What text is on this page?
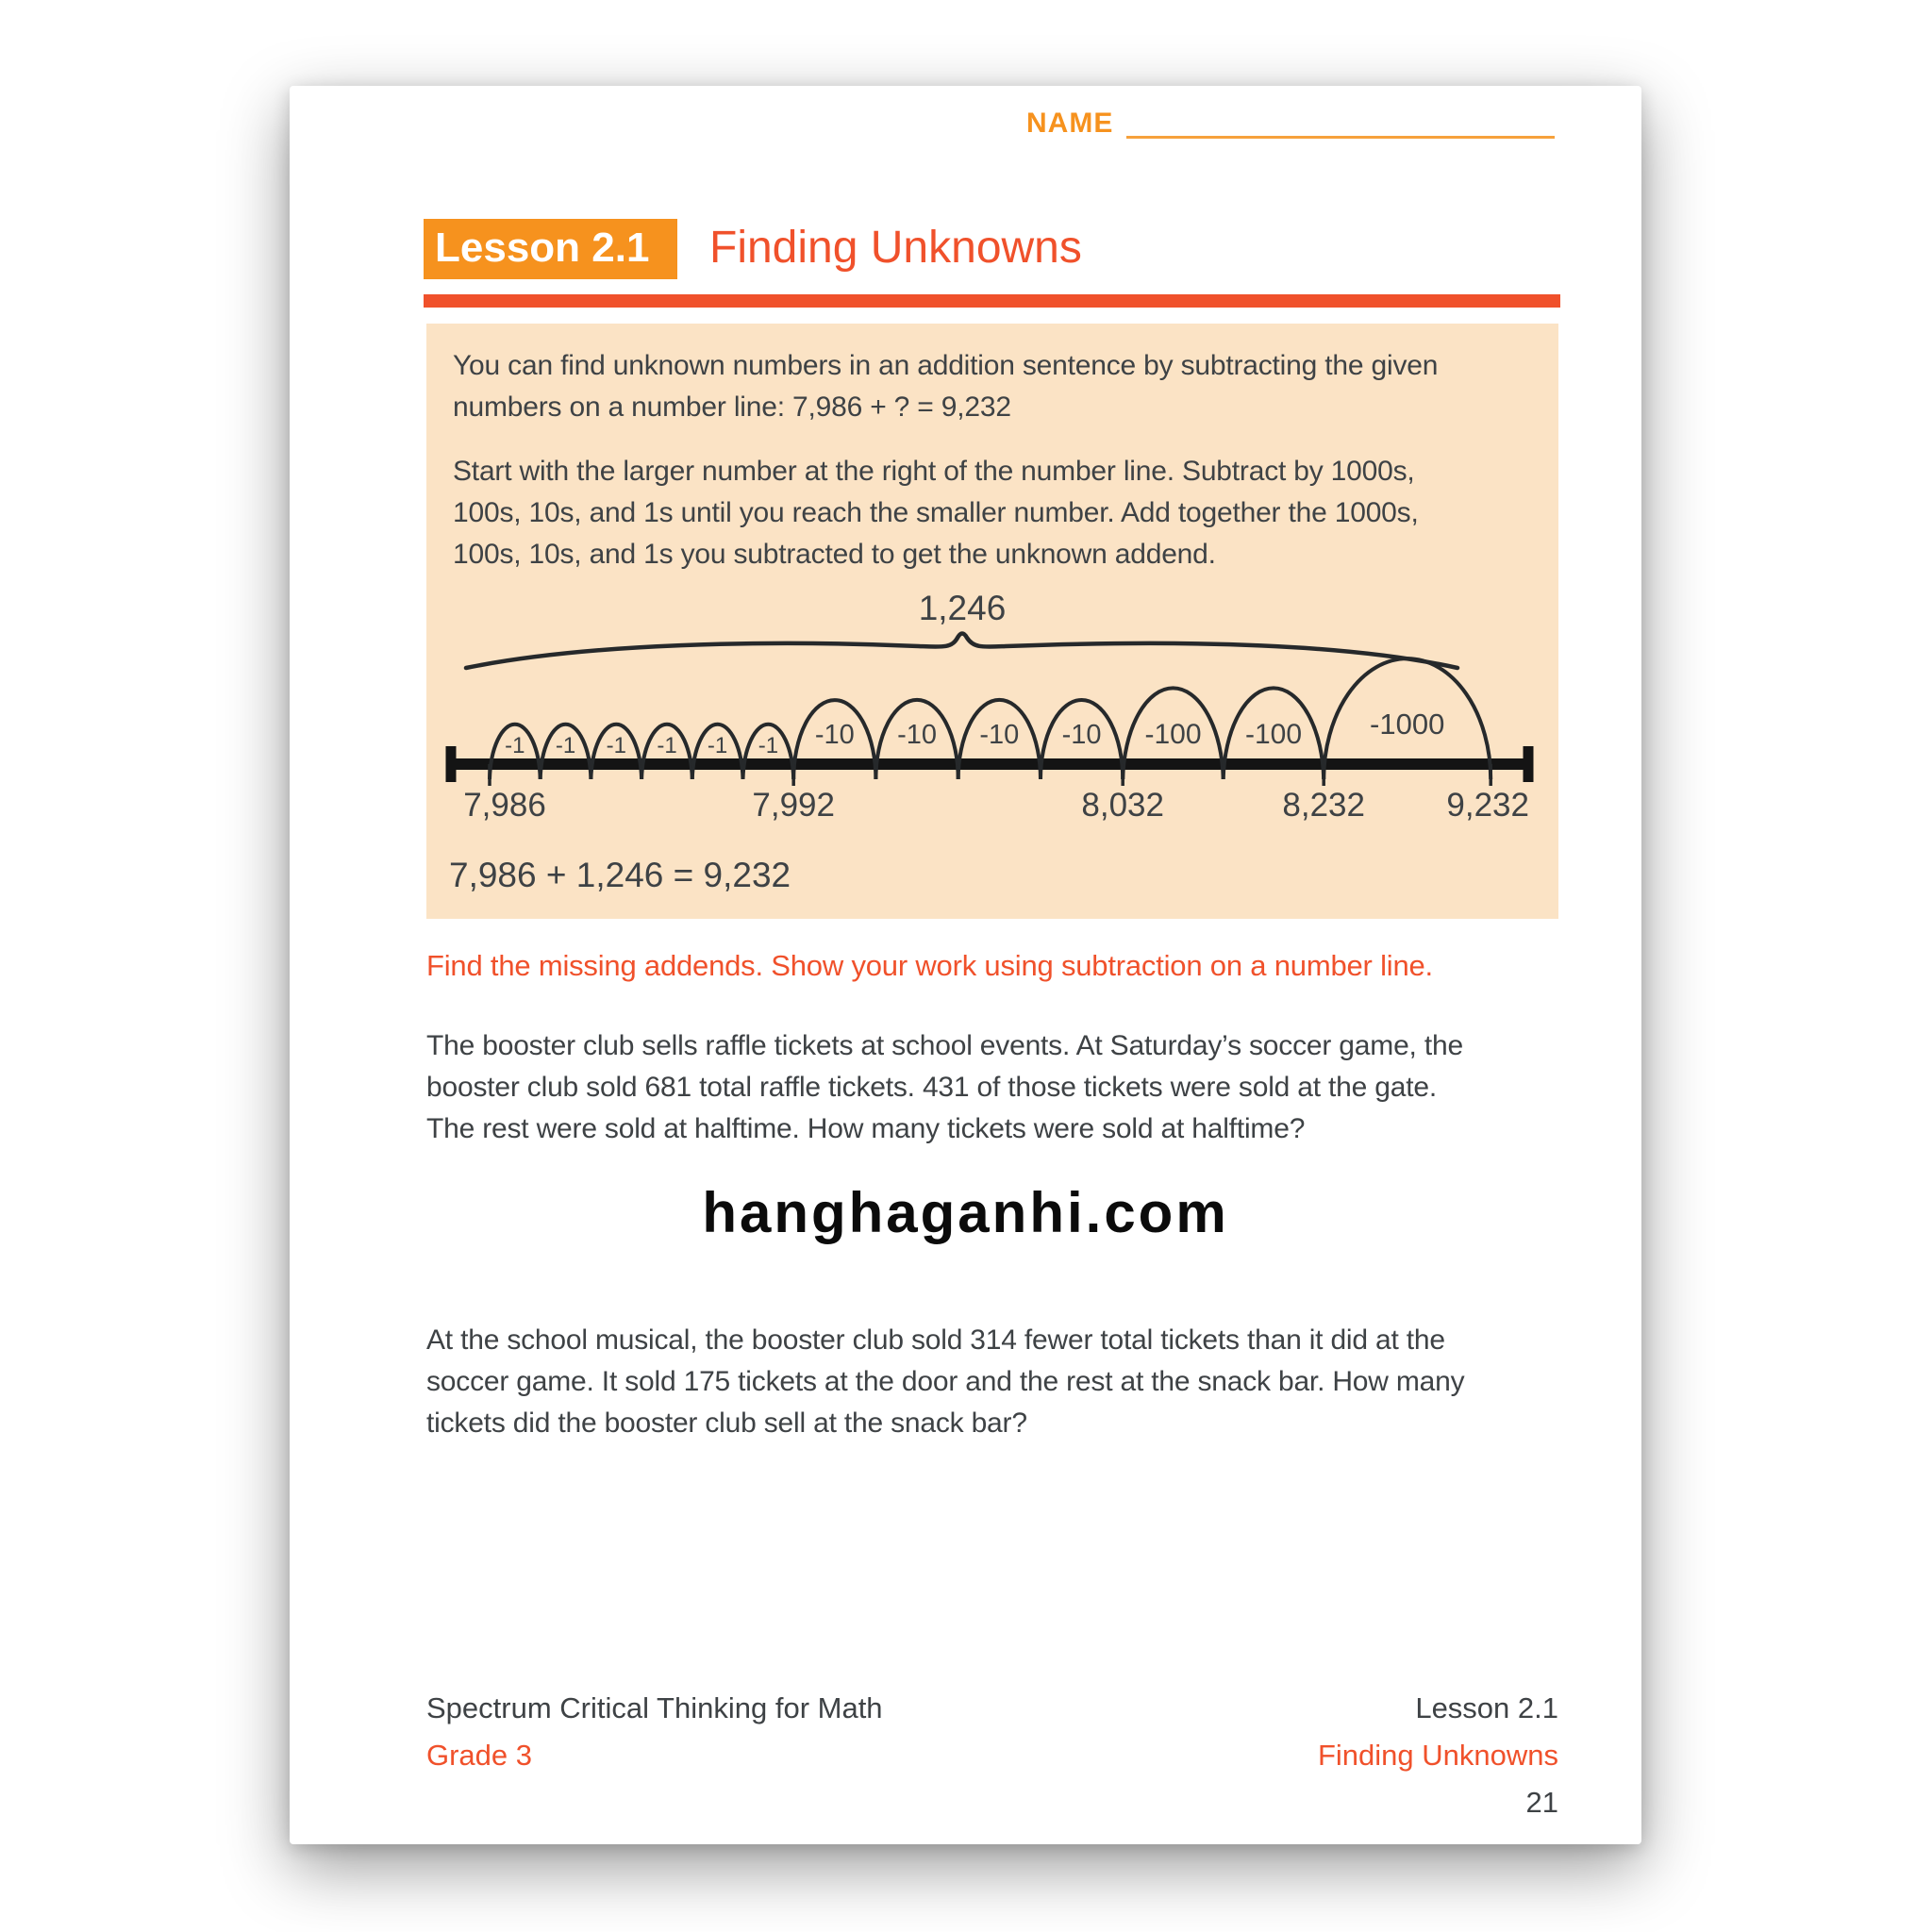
NAME
Lesson 2.1	Finding Unknowns
You can find unknown numbers in an addition sentence by subtracting the given
numbers on a number line: 7,986 + ? = 9,232
Start with the larger number at the right of the number line. Subtract by 1000s,
100s, 10s, and 1s until you reach the smaller number. Add together the 1000s,
100s, 10s, and 1s you subtracted to get the unknown addend.
1,246
-1 -1 -1 -1 -1 -1 -10 -10 -10 -10 -100 -100 -1000
7,986	7,992	8,032	8,232 9,232
7,986 + 1,246 = 9,232
Find the missing addends. Show your work using subtraction on a number line.
The booster club sells raffle tickets at school events. At Saturday’s soccer game, the
booster club sold 681 total raffle tickets. 431 of those tickets were sold at the gate.
The rest were sold at halftime. How many tickets were sold at halftime?
hanghaganhi.com
At the school musical, the booster club sold 314 fewer total tickets than it did at the
soccer game. It sold 175 tickets at the door and the rest at the snack bar. How many
tickets did the booster club sell at the snack bar?
Spectrum Critical Thinking for Math
Grade 3
Lesson 2.1
Finding Unknowns
21
